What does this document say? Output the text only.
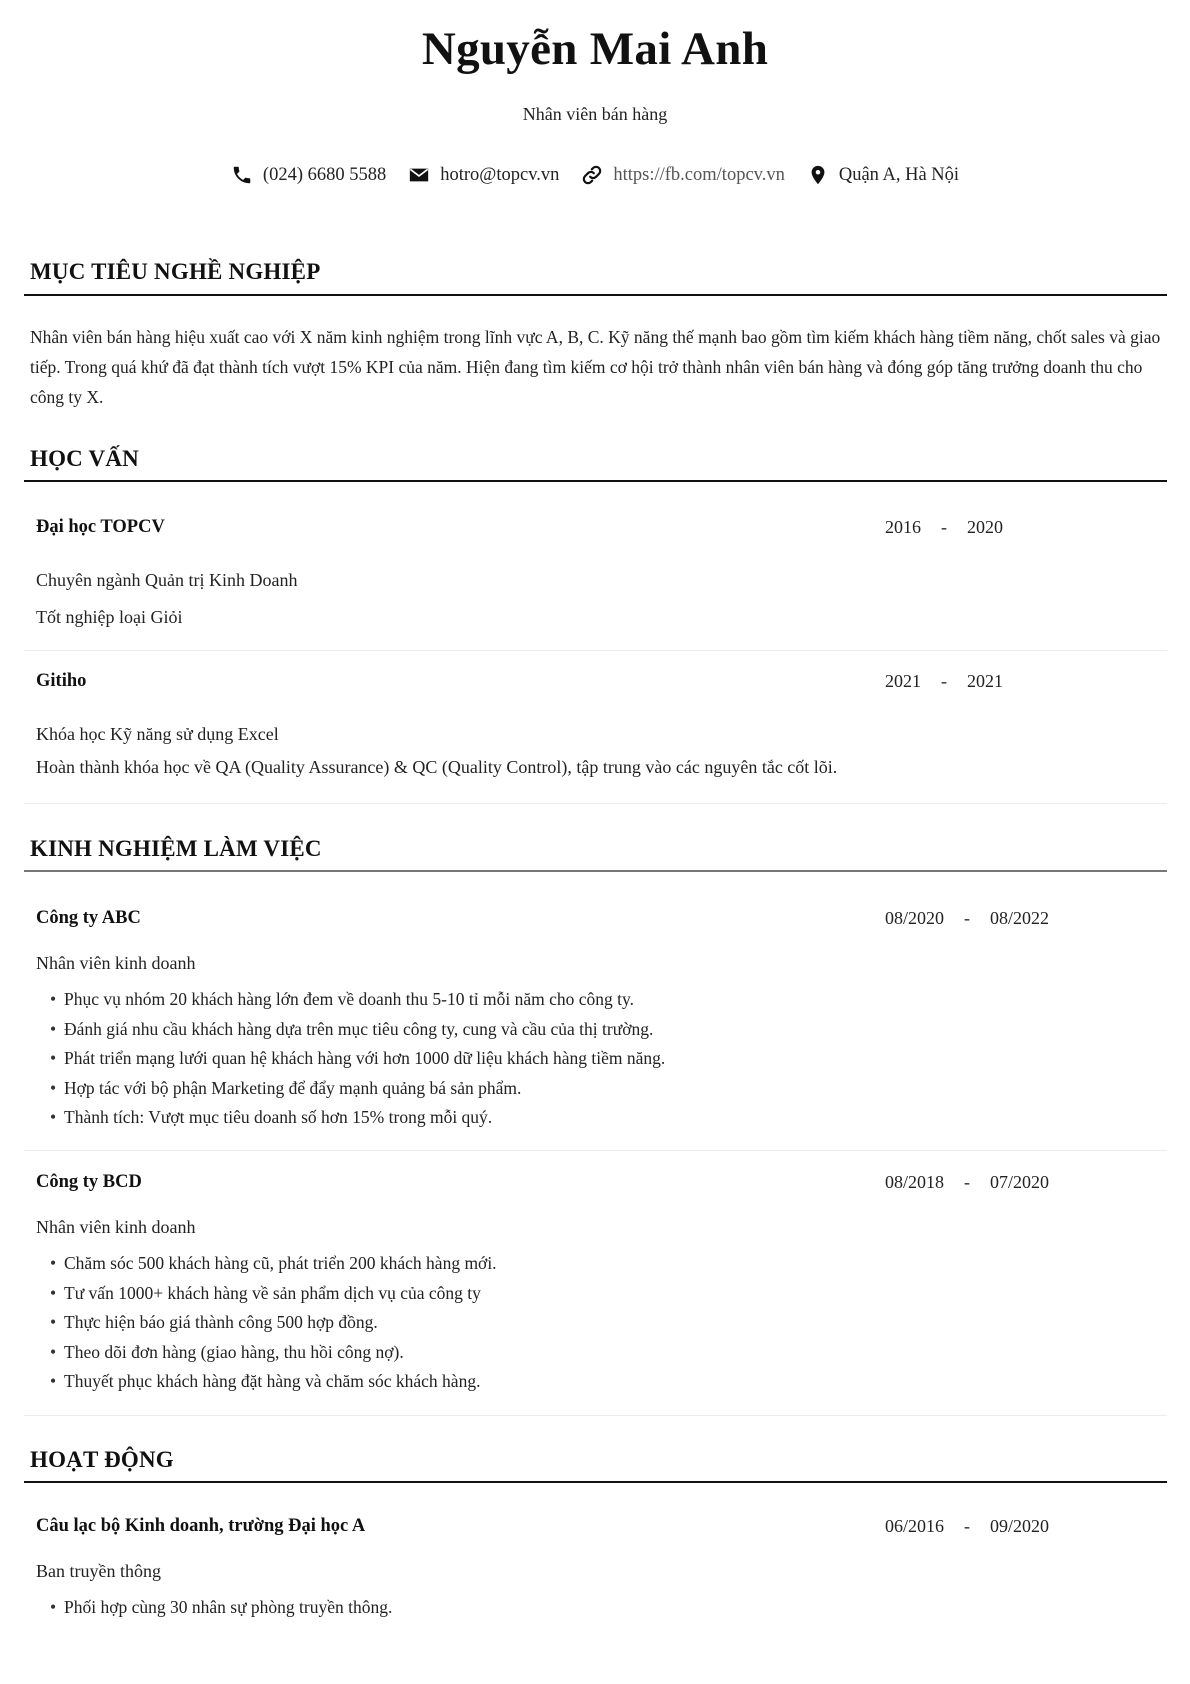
Nguyễn Mai Anh
Nhân viên bán hàng
(024) 6680 5588	hotro@topcv.vn	https://fb.com/topcv.vn	Quận A, Hà Nội
MỤC TIÊU NGHỀ NGHIỆP
Nhân viên bán hàng hiệu xuất cao với X năm kinh nghiệm trong lĩnh vực A, B, C. Kỹ năng thế mạnh bao gồm tìm kiếm khách hàng tiềm năng, chốt sales và giao tiếp. Trong quá khứ đã đạt thành tích vượt 15% KPI của năm. Hiện đang tìm kiếm cơ hội trở thành nhân viên bán hàng và đóng góp tăng trưởng doanh thu cho công ty X.
HỌC VẤN
Đại học TOPCV	2016 - 2020
Chuyên ngành Quản trị Kinh Doanh
Tốt nghiệp loại Giỏi
Gitiho	2021 - 2021
Khóa học Kỹ năng sử dụng Excel
Hoàn thành khóa học về QA (Quality Assurance) & QC (Quality Control), tập trung vào các nguyên tắc cốt lõi.
KINH NGHIỆM LÀM VIỆC
Công ty ABC	08/2020 - 08/2022
Nhân viên kinh doanh
• Phục vụ nhóm 20 khách hàng lớn đem về doanh thu 5-10 tỉ mỗi năm cho công ty.
• Đánh giá nhu cầu khách hàng dựa trên mục tiêu công ty, cung và cầu của thị trường.
• Phát triển mạng lưới quan hệ khách hàng với hơn 1000 dữ liệu khách hàng tiềm năng.
• Hợp tác với bộ phận Marketing để đẩy mạnh quảng bá sản phẩm.
• Thành tích: Vượt mục tiêu doanh số hơn 15% trong mỗi quý.
Công ty BCD	08/2018 - 07/2020
Nhân viên kinh doanh
• Chăm sóc 500 khách hàng cũ, phát triển 200 khách hàng mới.
• Tư vấn 1000+ khách hàng về sản phẩm dịch vụ của công ty
• Thực hiện báo giá thành công 500 hợp đồng.
• Theo dõi đơn hàng (giao hàng, thu hồi công nợ).
• Thuyết phục khách hàng đặt hàng và chăm sóc khách hàng.
HOẠT ĐỘNG
Câu lạc bộ Kinh doanh, trường Đại học A	06/2016 - 09/2020
Ban truyền thông
• Phối hợp cùng 30 nhân sự phòng truyền thông.
